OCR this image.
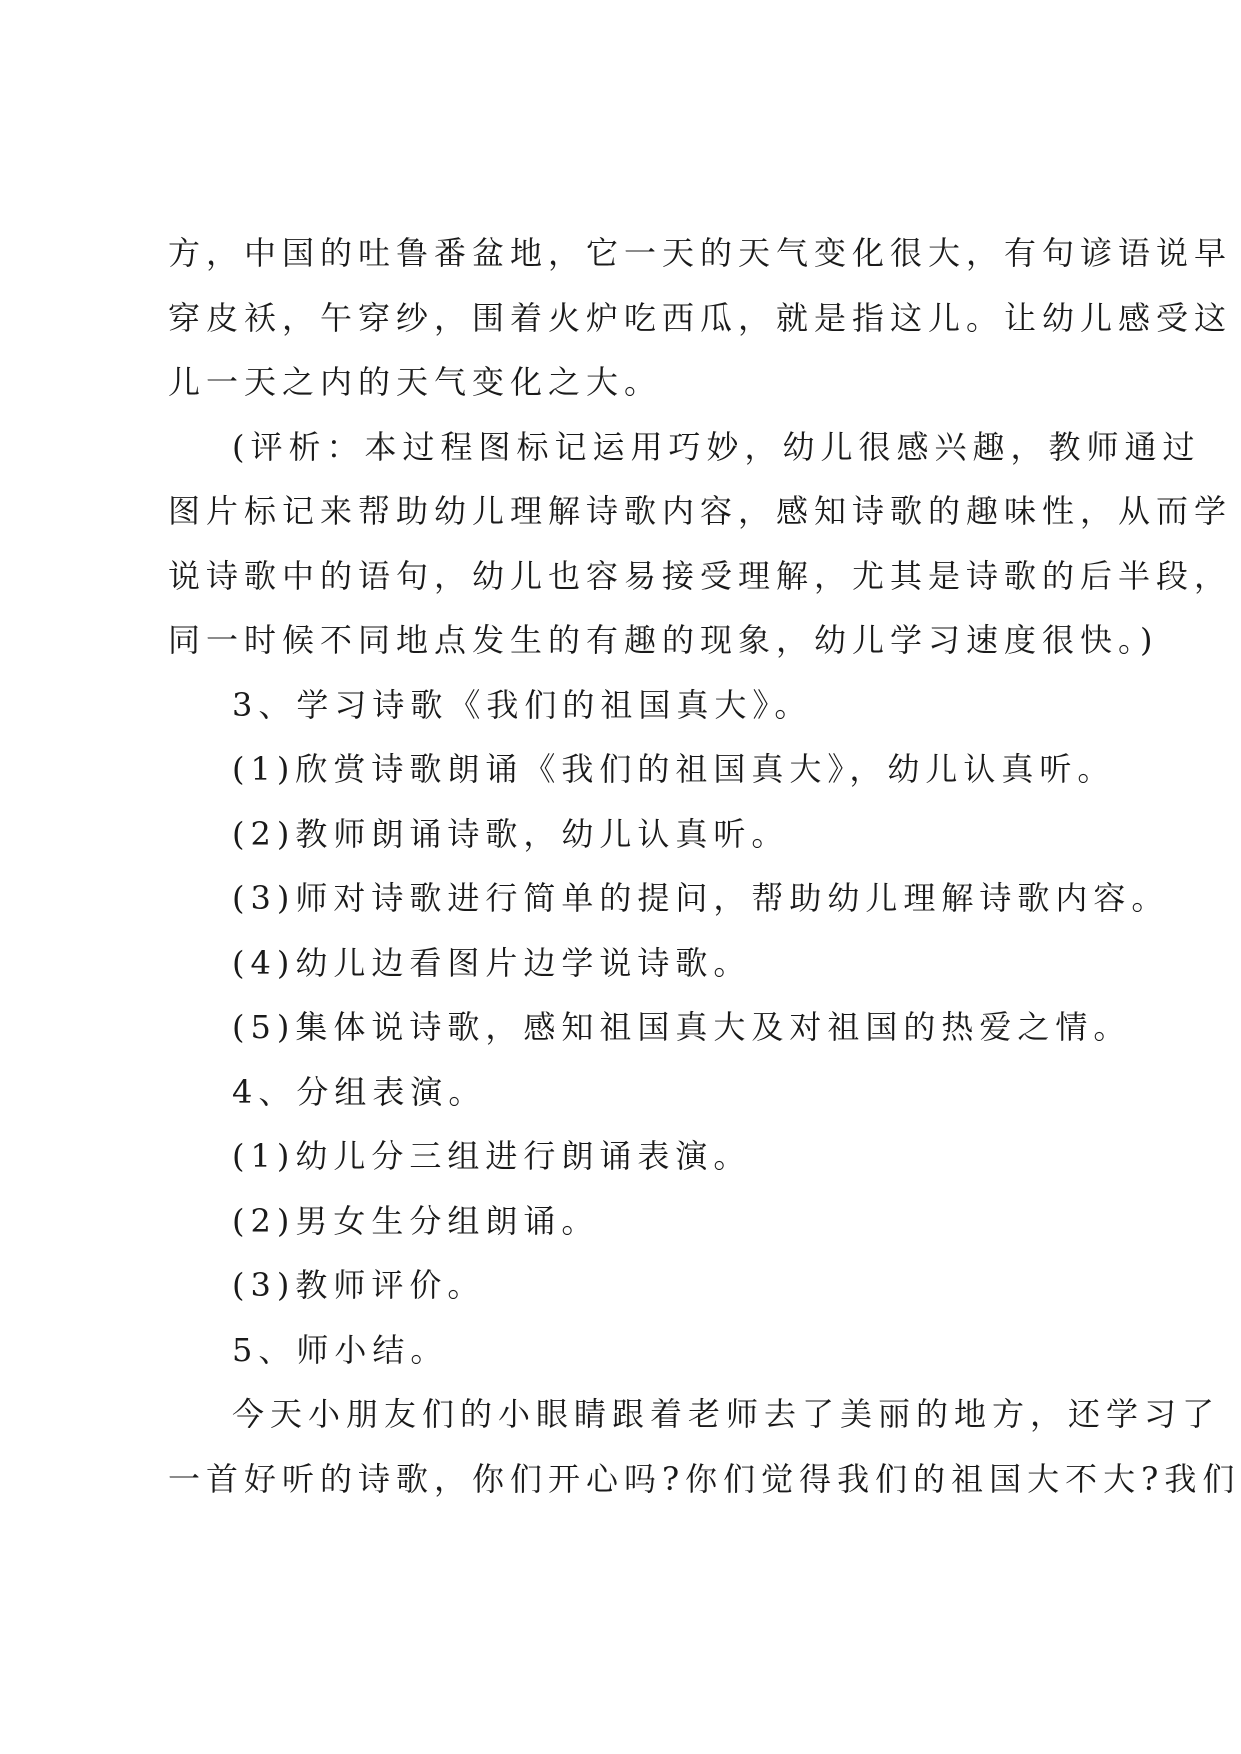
方，中国的吐鲁番盆地，它一天的天气变化很大，有句谚语说早

穿皮袄，午穿纱，围着火炉吃西瓜，就是指这儿。让幼儿感受这

儿一天之内的天气变化之大。

(评析：本过程图标记运用巧妙，幼儿很感兴趣，教师通过

图片标记来帮助幼儿理解诗歌内容，感知诗歌的趣味性，从而学

说诗歌中的语句，幼儿也容易接受理解，尤其是诗歌的后半段，

同一时候不同地点发生的有趣的现象，幼儿学习速度很快。)

3、学习诗歌《我们的祖国真大》。

(1)欣赏诗歌朗诵《我们的祖国真大》，幼儿认真听。

(2)教师朗诵诗歌，幼儿认真听。

(3)师对诗歌进行简单的提问，帮助幼儿理解诗歌内容。

(4)幼儿边看图片边学说诗歌。

(5)集体说诗歌，感知祖国真大及对祖国的热爱之情。

4、分组表演。

(1)幼儿分三组进行朗诵表演。

(2)男女生分组朗诵。

(3)教师评价。

5、师小结。

今天小朋友们的小眼睛跟着老师去了美丽的地方，还学习了

一首好听的诗歌，你们开心吗?你们觉得我们的祖国大不大?我们
